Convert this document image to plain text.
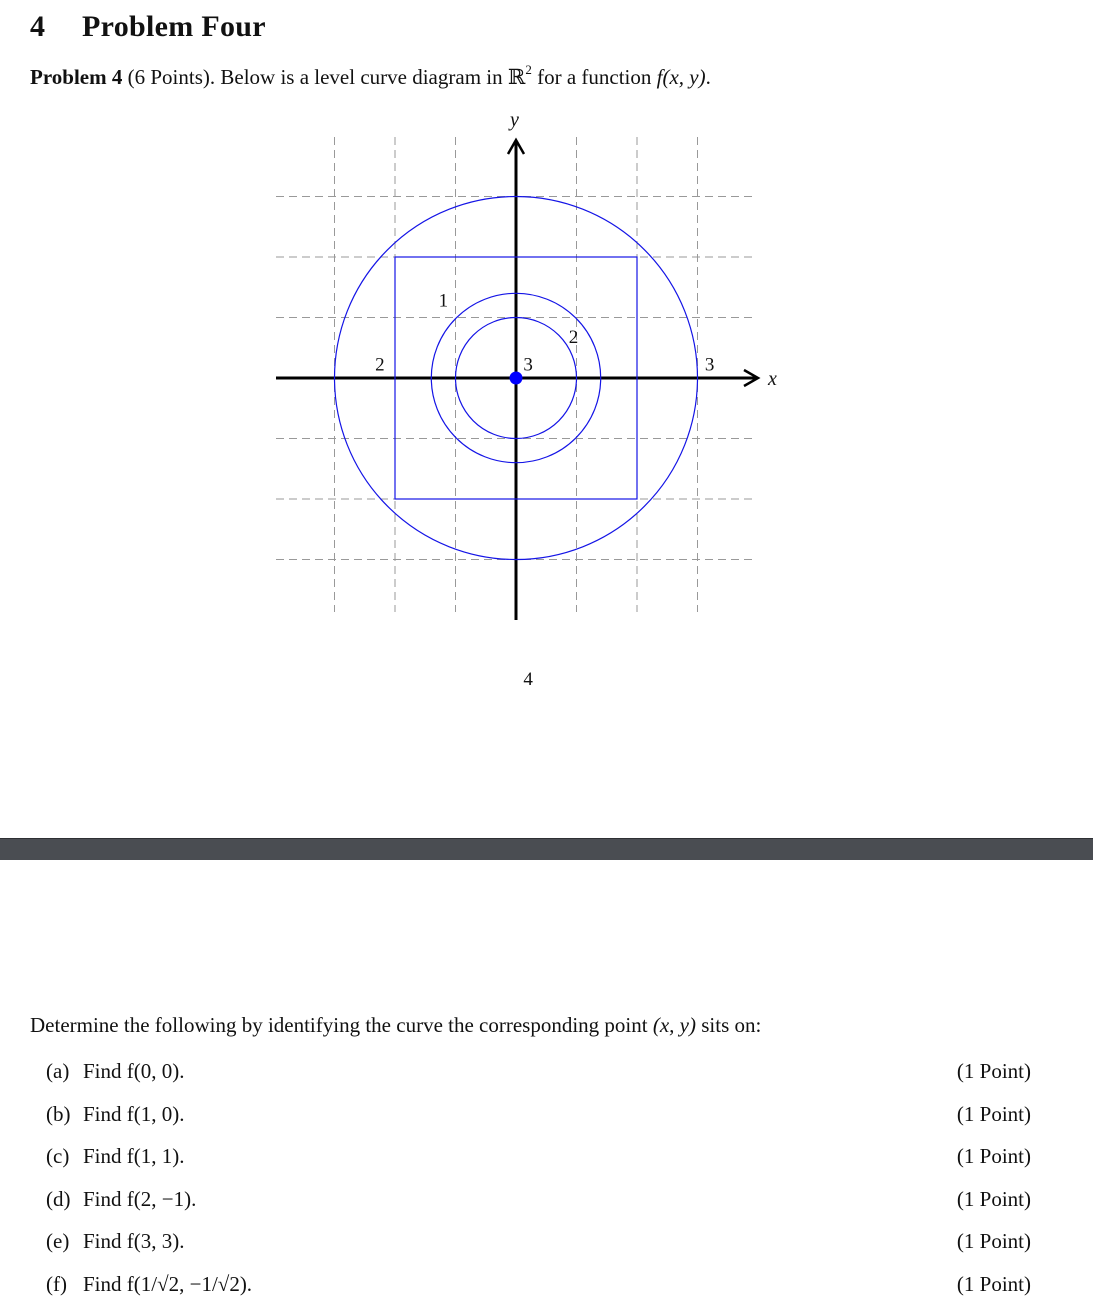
4 Problem Four
Problem 4 (6 Points). Below is a level curve diagram in ℝ$^2$ for a function f(x, y).
x
y
2
1
2
3	3
4
Determine the following by identifying the curve the corresponding point (x, y) sits on:
(a) Find f(0, 0).	(1 Point)
(b) Find f(1, 0).	(1 Point)
(c) Find f(1, 1).	(1 Point)
(d) Find f(2, −1).	(1 Point)
(e) Find f(3, 3).	(1 Point)
(f) Find f(1/√2, −1/√2).	(1 Point)
